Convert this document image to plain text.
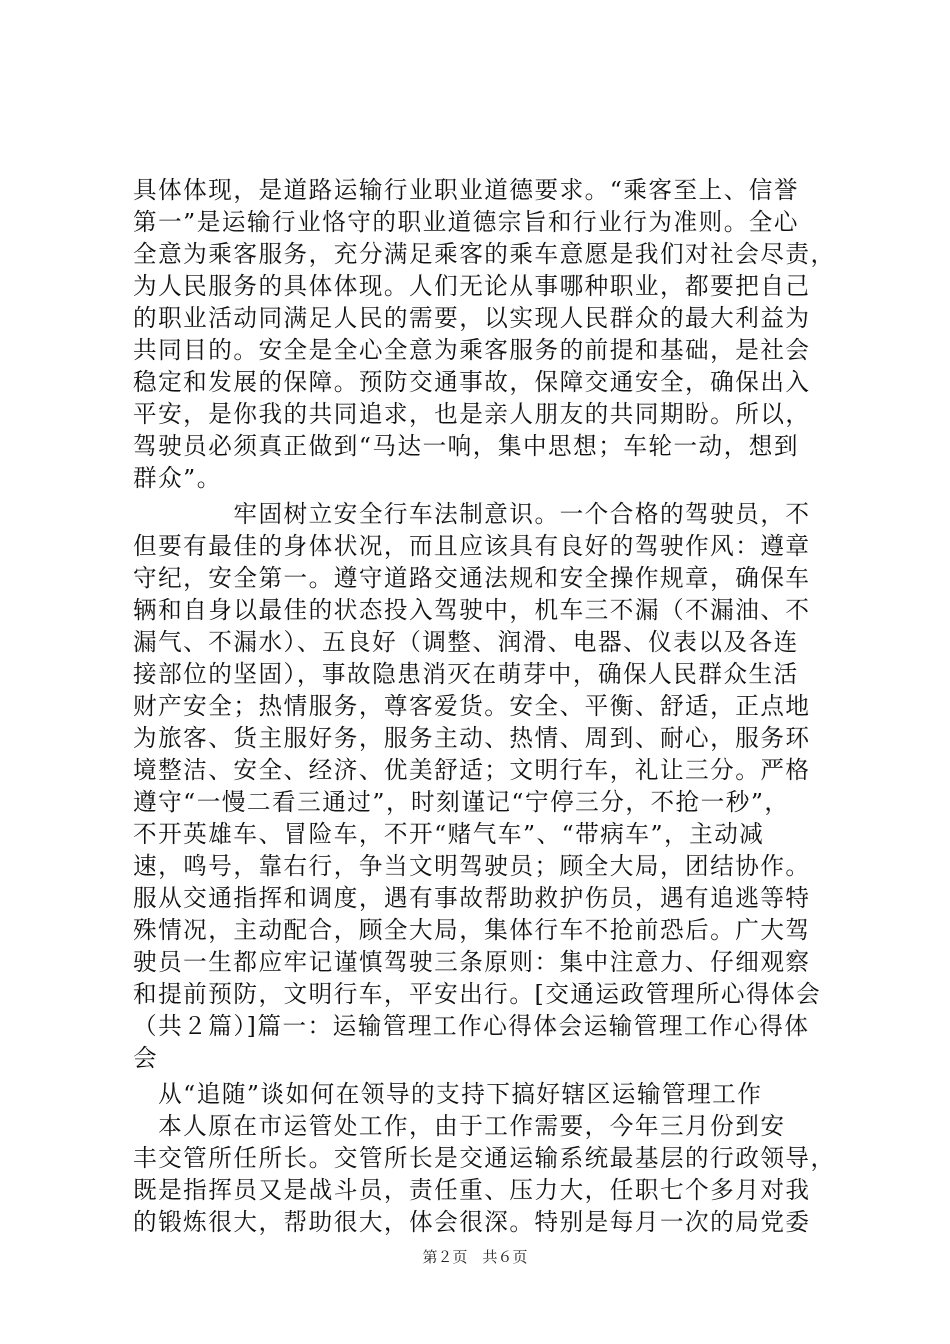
具体体现，是道路运输行业职业道德要求。“乘客至上、信誉
第一”是运输行业恪守的职业道德宗旨和行业行为准则。全心
全意为乘客服务，充分满足乘客的乘车意愿是我们对社会尽责，
为人民服务的具体体现。人们无论从事哪种职业，都要把自己
的职业活动同满足人民的需要，以实现人民群众的最大利益为
共同目的。安全是全心全意为乘客服务的前提和基础，是社会
稳定和发展的保障。预防交通事故，保障交通安全，确保出入
平安，是你我的共同追求，也是亲人朋友的共同期盼。所以，
驾驶员必须真正做到“马达一响，集中思想；车轮一动，想到
群众”。
　　　　牢固树立安全行车法制意识。一个合格的驾驶员，不
但要有最佳的身体状况，而且应该具有良好的驾驶作风：遵章
守纪，安全第一。遵守道路交通法规和安全操作规章，确保车
辆和自身以最佳的状态投入驾驶中，机车三不漏（不漏油、不
漏气、不漏水）、五良好（调整、润滑、电器、仪表以及各连
接部位的坚固），事故隐患消灭在萌芽中，确保人民群众生活
财产安全；热情服务，尊客爱货。安全、平衡、舒适，正点地
为旅客、货主服好务，服务主动、热情、周到、耐心，服务环
境整洁、安全、经济、优美舒适；文明行车，礼让三分。严格
遵守“一慢二看三通过”，时刻谨记“宁停三分，不抢一秒”，
不开英雄车、冒险车，不开“赌气车”、“带病车”，主动减
速，鸣号，靠右行，争当文明驾驶员；顾全大局，团结协作。
服从交通指挥和调度，遇有事故帮助救护伤员，遇有追逃等特
殊情况，主动配合，顾全大局，集体行车不抢前恐后。广大驾
驶员一生都应牢记谨慎驾驶三条原则：集中注意力、仔细观察
和提前预防，文明行车，平安出行。[交通运政管理所心得体会
（共２篇）]篇一：运输管理工作心得体会运输管理工作心得体
会
　从“追随”谈如何在领导的支持下搞好辖区运输管理工作
　本人原在市运管处工作，由于工作需要，今年三月份到安
丰交管所任所长。交管所长是交通运输系统最基层的行政领导，
既是指挥员又是战斗员，责任重、压力大，任职七个多月对我
的锻炼很大，帮助很大，体会很深。特别是每月一次的局党委
第２页　共６页
